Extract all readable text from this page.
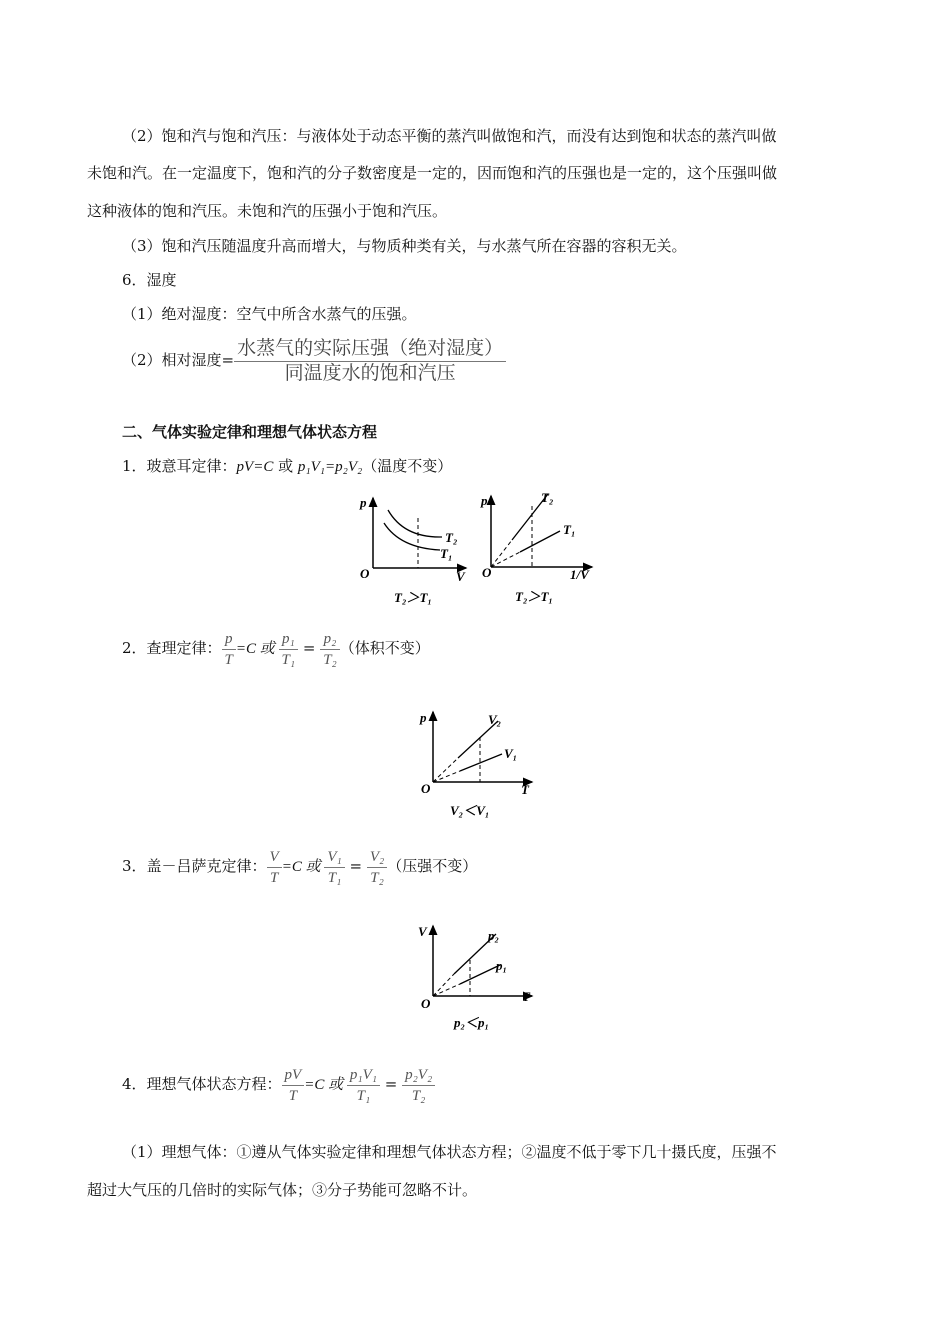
（2）饱和汽与饱和汽压：与液体处于动态平衡的蒸汽叫做饱和汽，而没有达到饱和状态的蒸汽叫做
未饱和汽。在一定温度下，饱和汽的分子数密度是一定的，因而饱和汽的压强也是一定的，这个压强叫做
这种液体的饱和汽压。未饱和汽的压强小于饱和汽压。
（3）饱和汽压随温度升高而增大，与物质种类有关，与水蒸气所在容器的容积无关。
6．湿度
（1）绝对湿度：空气中所含水蒸气的压强。
（2）相对湿度= $\frac{\text{水蒸气的实际压强（绝对湿度）}}{\text{同温度水的饱和汽压}}$
二、气体实验定律和理想气体状态方程
1．玻意耳定律：pV=C 或 p₁V₁=p₂V₂（温度不变）
p
V
O
T₂
T₁
T₂＞T₁
p
1/V
O
T₂
T₁
T₂＞T₁
2．查理定律： $\frac{p}{T} =C$ 或 $\frac{\text{p₁}}{\text{T₁}} = \frac{\text{p₂}}{\text{T₂}}$ （体积不变）
p
T
O
V₂
V₁
V₂＜V₁
3．盖－吕萨克定律： $\frac{V}{T} =C$ 或 $\frac{\text{V₁}}{\text{T₁}} = \frac{\text{V₂}}{\text{T₂}}$ （压强不变）
V
T
O
p₂
p₁
p₂＜p₁
4．理想气体状态方程： $\frac{pV}{T} =C$ 或 $\frac{\text{p₁V₁}}{\text{T₁}} = \frac{\text{p₂V₂}}{\text{T₂}}$
（1）理想气体：①遵从气体实验定律和理想气体状态方程；②温度不低于零下几十摄氏度，压强不
超过大气压的几倍时的实际气体；③分子势能可忽略不计。
